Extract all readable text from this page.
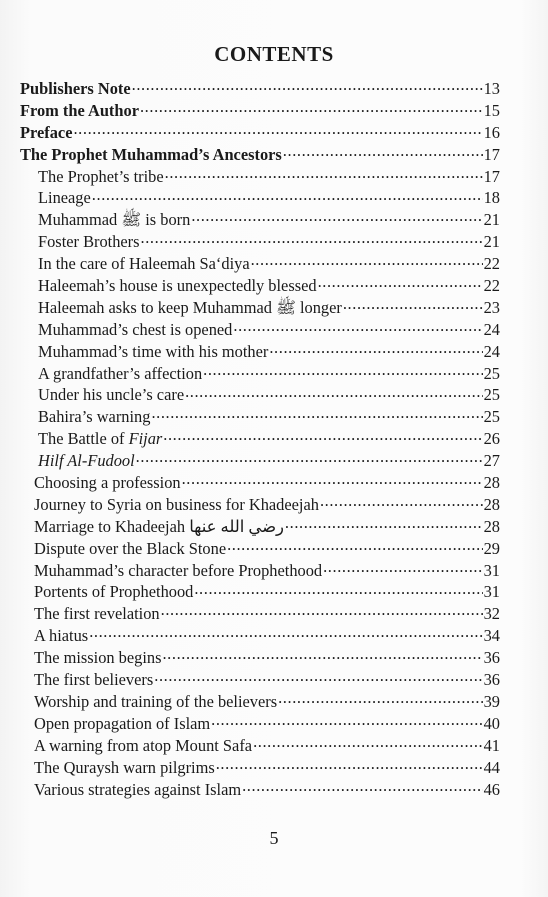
CONTENTS
Publishers Note .....	13
From the Author .....	15
Preface .....	16
The Prophet Muhammad’s Ancestors .....	17
The Prophet’s tribe .....	17
Lineage .....	18
Muhammad ﷺ is born .....	21
Foster Brothers .....	21
In the care of Haleemah Sa‘diya .....	22
Haleemah’s house is unexpectedly blessed .....	22
Haleemah asks to keep Muhammad ﷺ longer .....	23
Muhammad’s chest is opened .....	24
Muhammad’s time with his mother .....	24
A grandfather’s affection .....	25
Under his uncle’s care .....	25
Bahira’s warning .....	25
The Battle of Fijar .....	26
Hilf Al-Fudool .....	27
Choosing a profession .....	28
Journey to Syria on business for Khadeejah .....	28
Marriage to Khadeejah رضي الله عنها .....	28
Dispute over the Black Stone .....	29
Muhammad’s character before Prophethood .....	31
Portents of Prophethood .....	31
The first revelation .....	32
A hiatus .....	34
The mission begins .....	36
The first believers .....	36
Worship and training of the believers .....	39
Open propagation of Islam .....	40
A warning from atop Mount Safa .....	41
The Quraysh warn pilgrims .....	44
Various strategies against Islam .....	46
5
